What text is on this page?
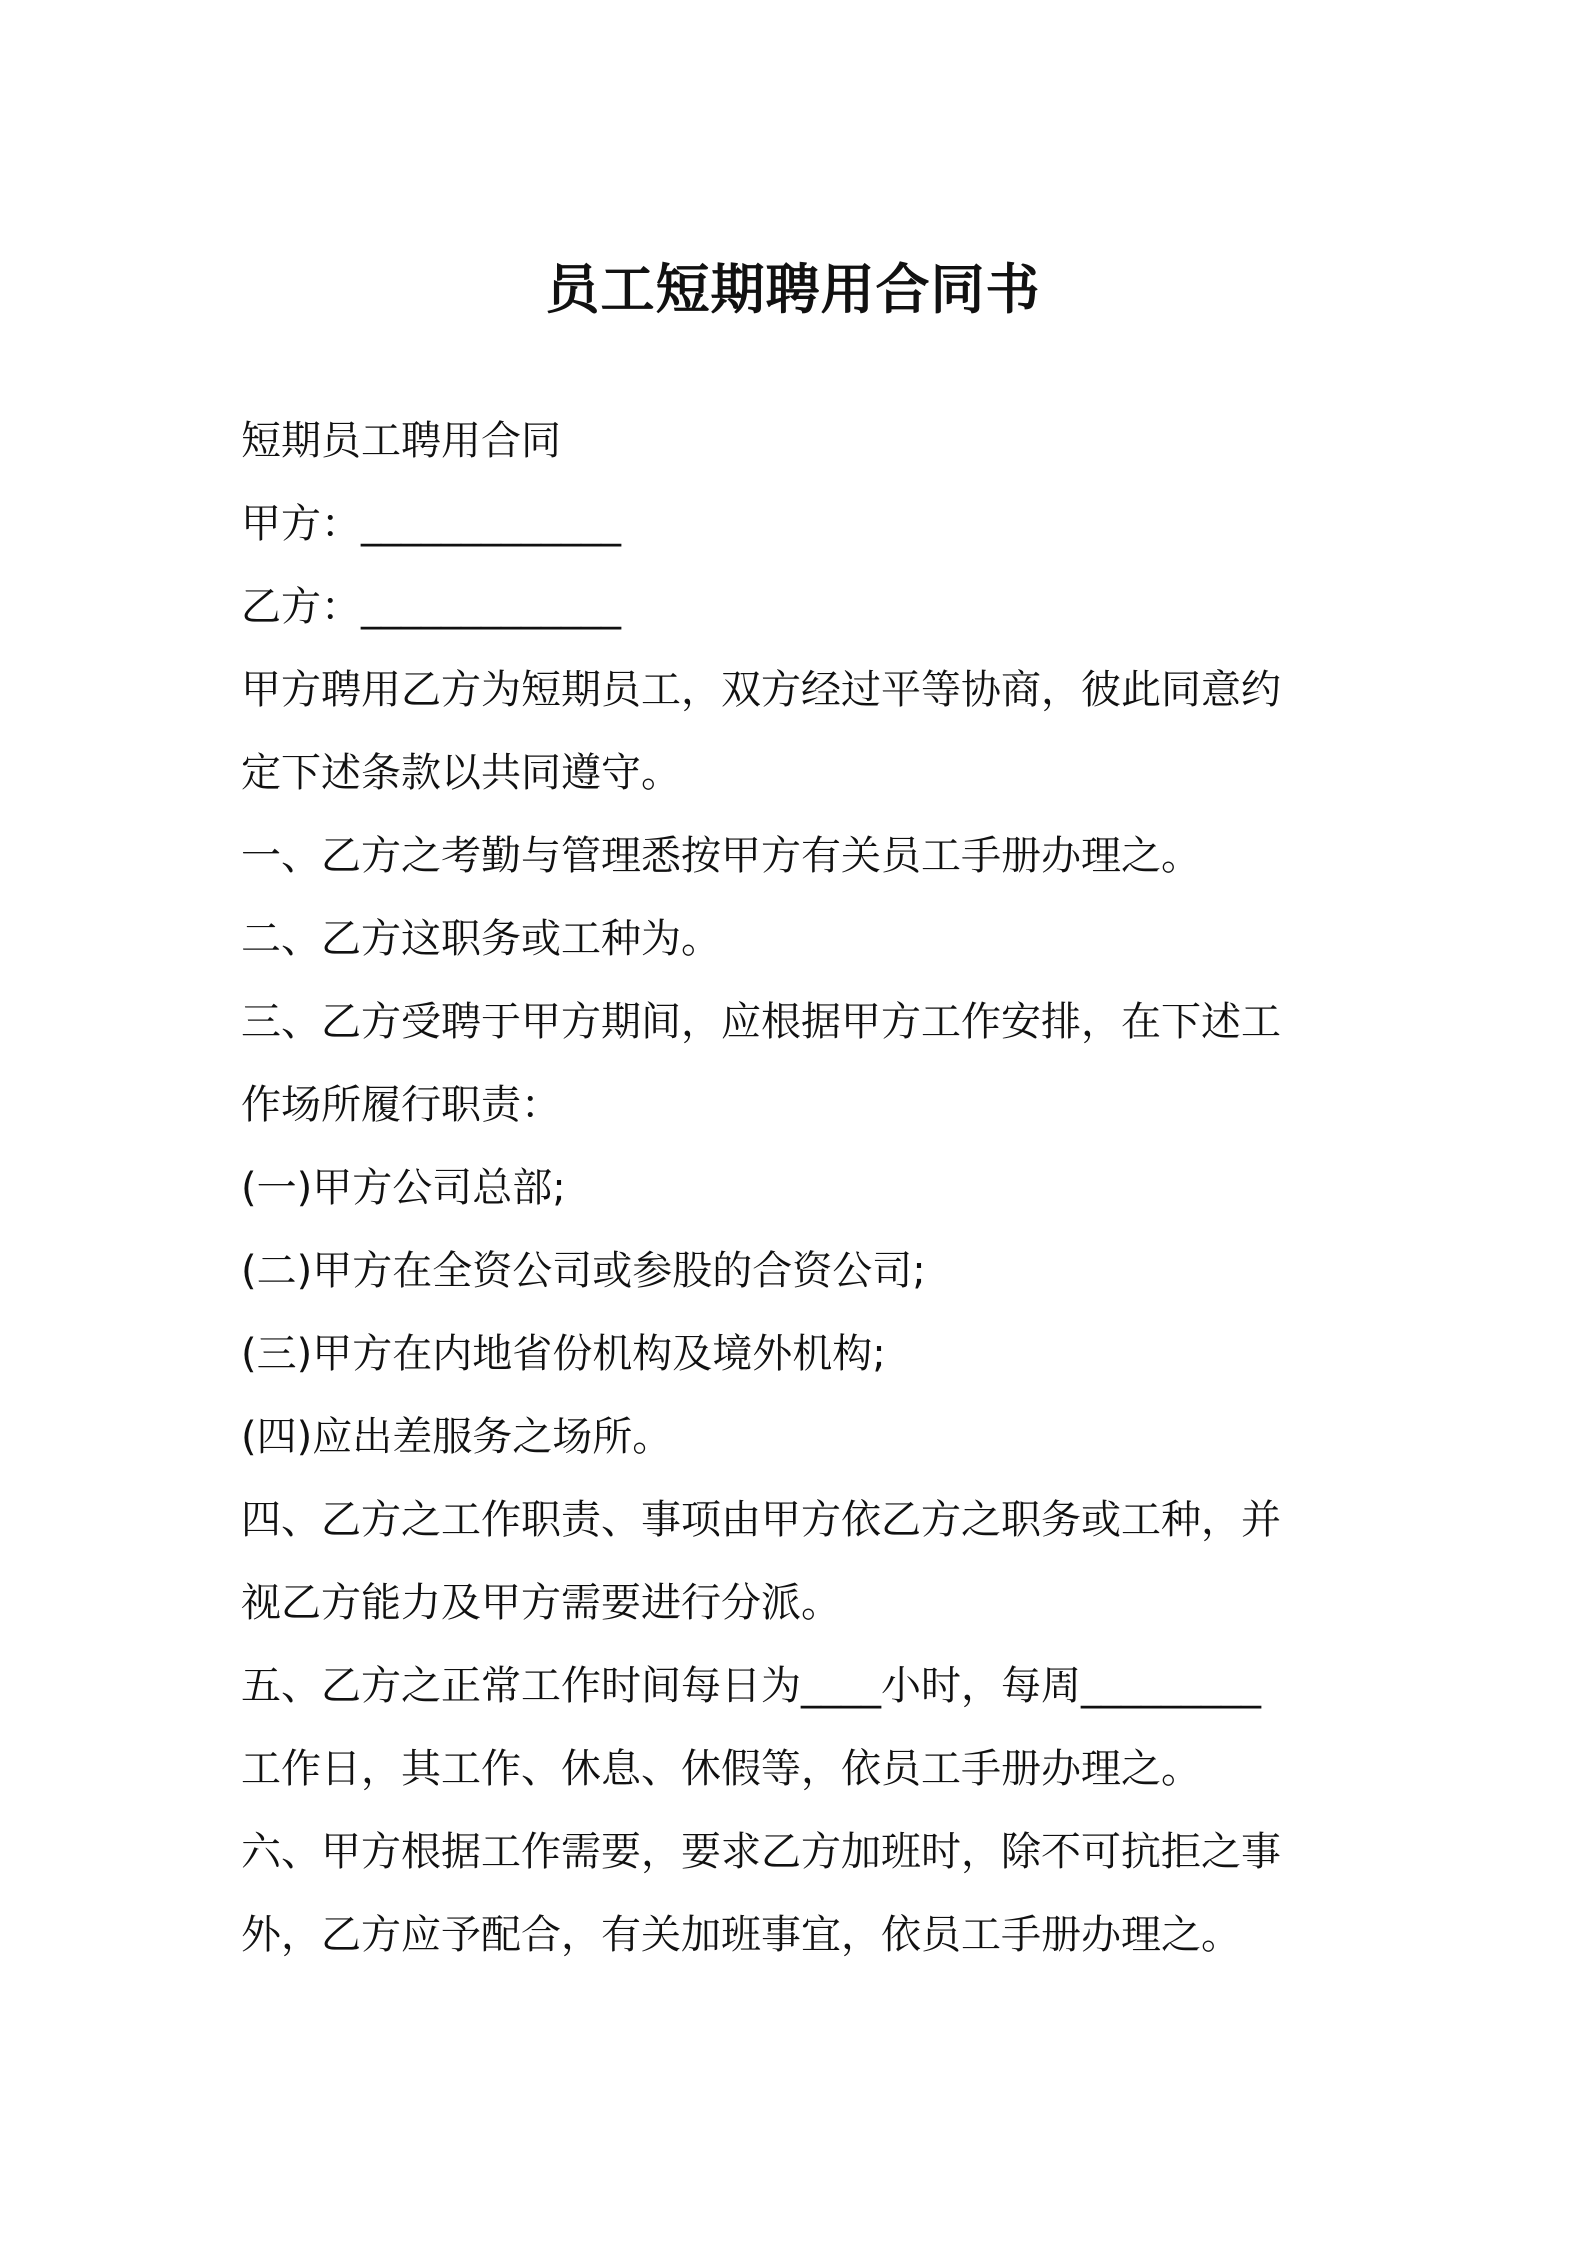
员工短期聘用合同书
短期员工聘用合同
甲方：_____________
乙方：_____________
甲方聘用乙方为短期员工，双方经过平等协商，彼此同意约
定下述条款以共同遵守。
一、乙方之考勤与管理悉按甲方有关员工手册办理之。
二、乙方这职务或工种为。
三、乙方受聘于甲方期间，应根据甲方工作安排，在下述工
作场所履行职责：
(一)甲方公司总部;
(二)甲方在全资公司或参股的合资公司;
(三)甲方在内地省份机构及境外机构;
(四)应出差服务之场所。
四、乙方之工作职责、事项由甲方依乙方之职务或工种，并
视乙方能力及甲方需要进行分派。
五、乙方之正常工作时间每日为____小时，每周_________
工作日，其工作、休息、休假等，依员工手册办理之。
六、甲方根据工作需要，要求乙方加班时，除不可抗拒之事
外，乙方应予配合，有关加班事宜，依员工手册办理之。
